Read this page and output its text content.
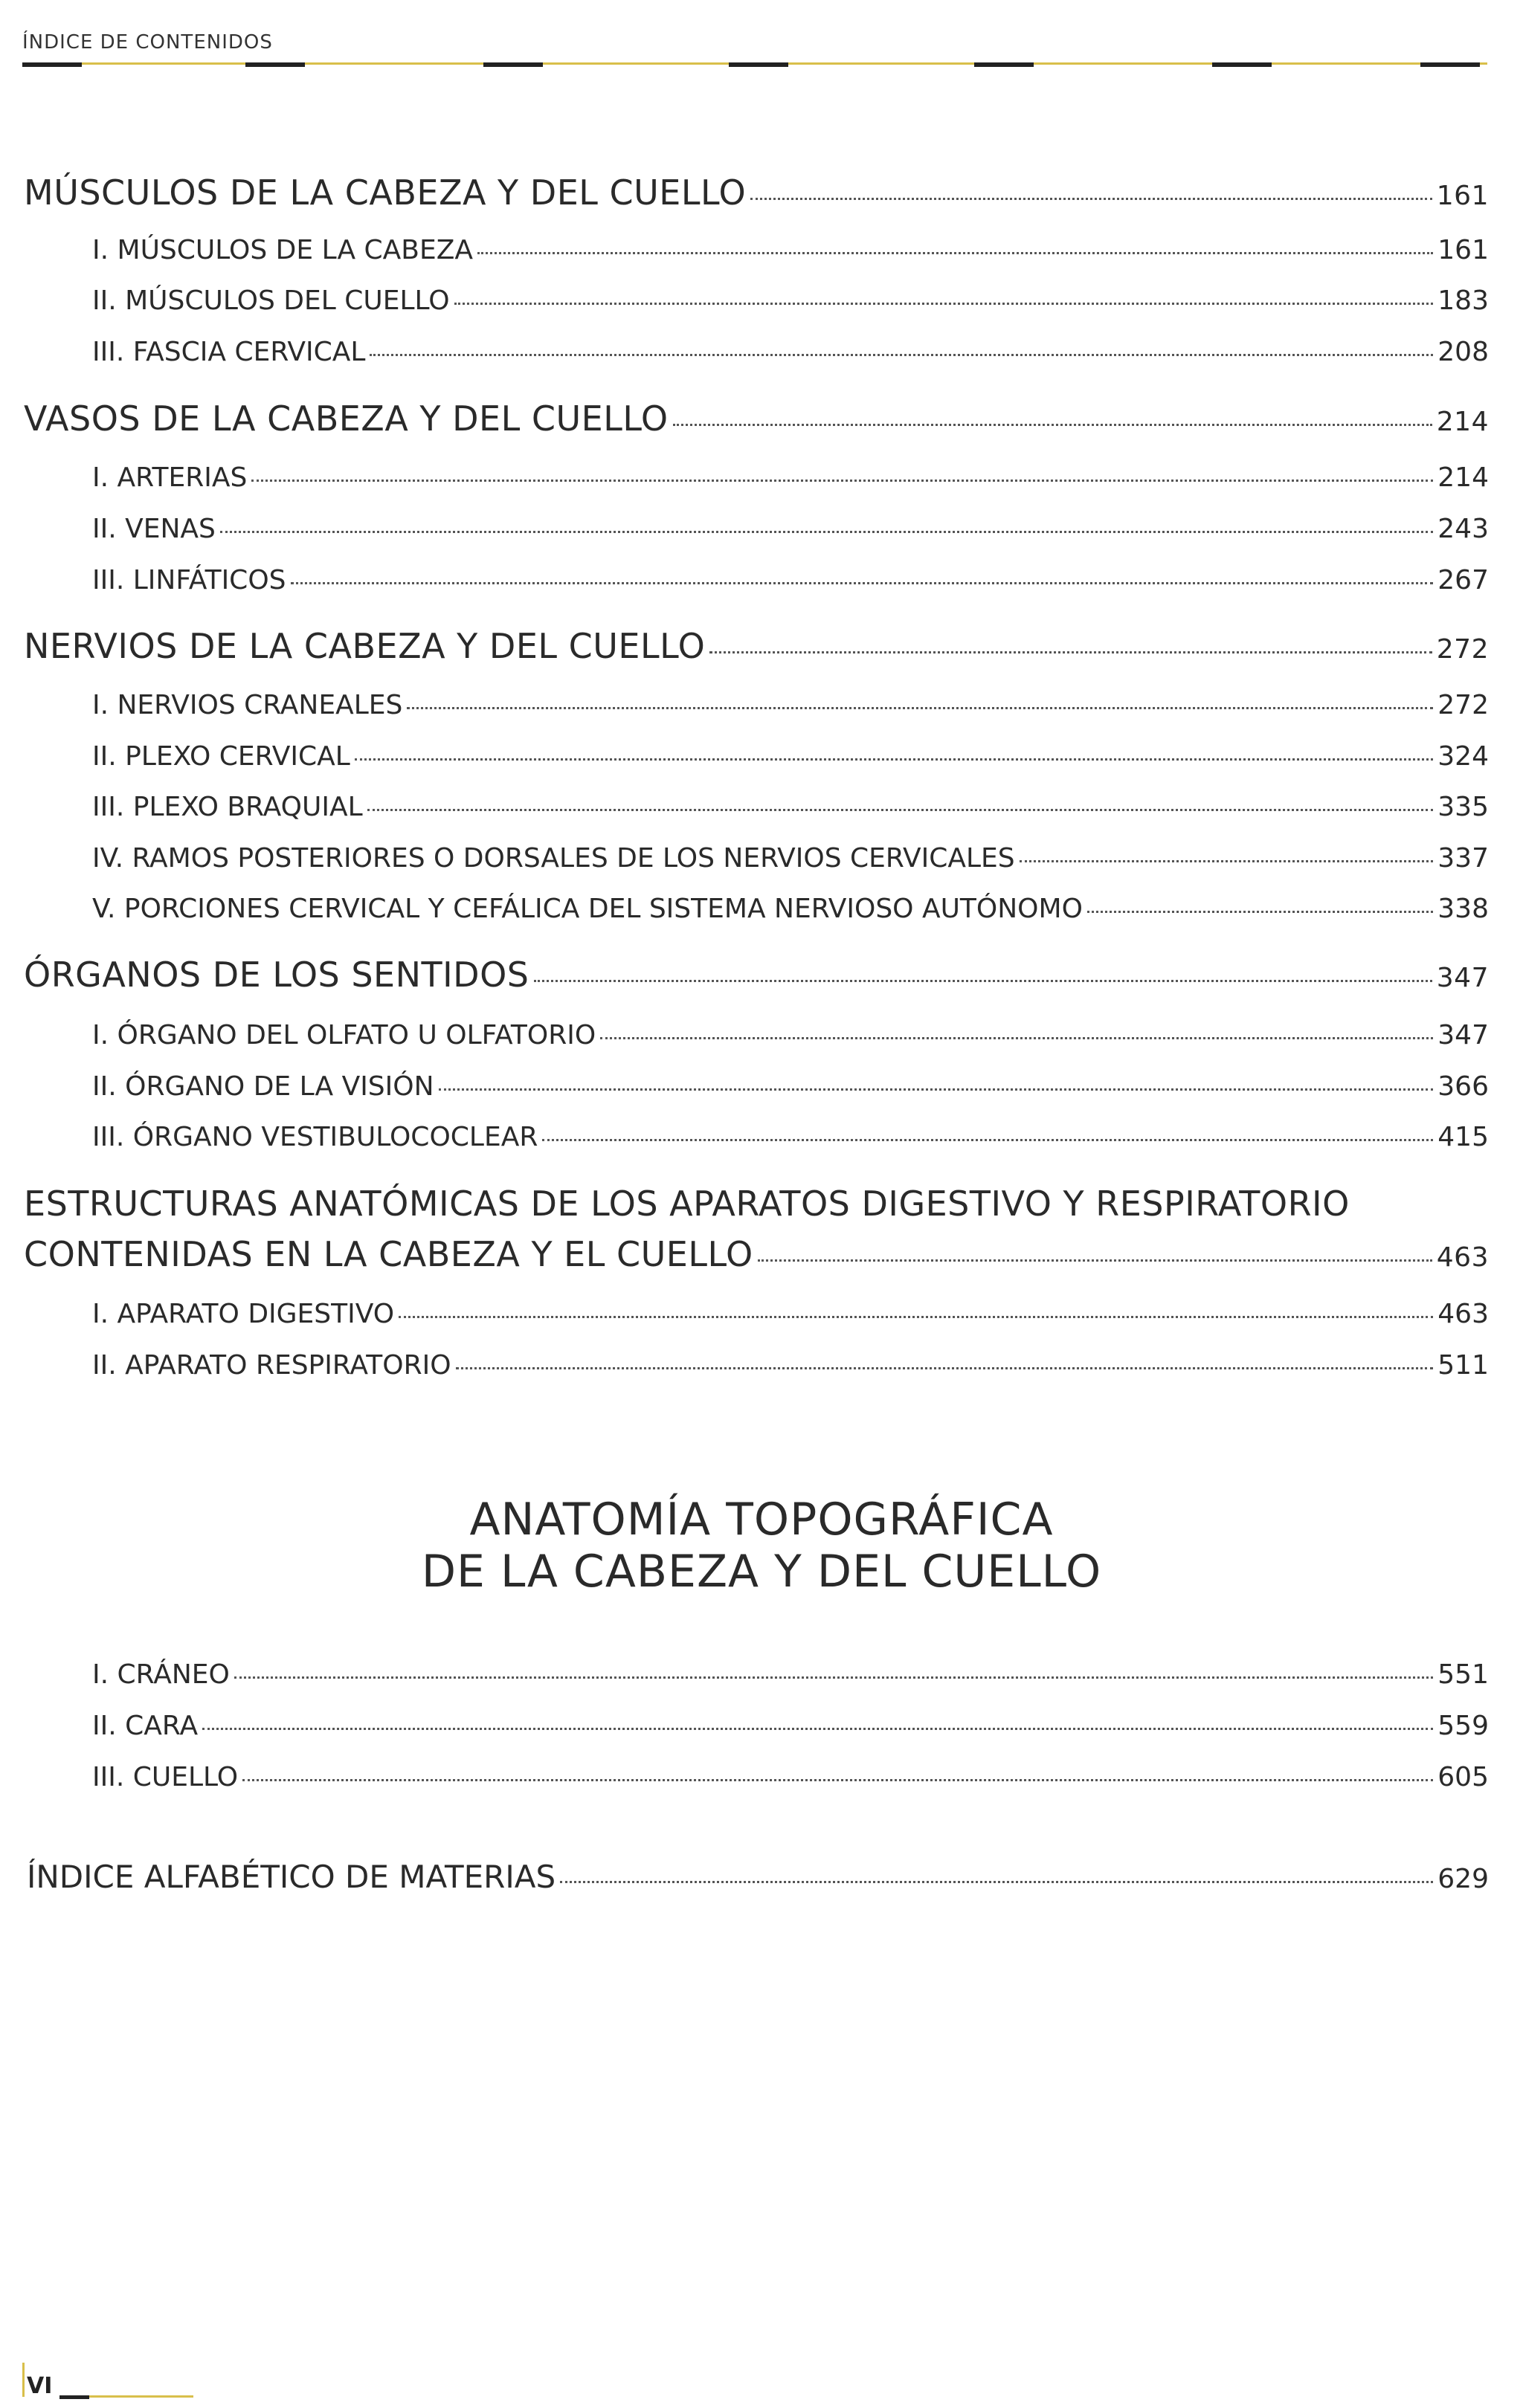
ÍNDICE DE CONTENIDOS
MÚSCULOS DE LA CABEZA Y DEL CUELLO	161
I. MÚSCULOS DE LA CABEZA	161
II. MÚSCULOS DEL CUELLO	183
III. FASCIA CERVICAL	208
VASOS DE LA CABEZA Y DEL CUELLO	214
I. ARTERIAS	214
II. VENAS	243
III. LINFÁTICOS	267
NERVIOS DE LA CABEZA Y DEL CUELLO	272
I. NERVIOS CRANEALES	272
II. PLEXO CERVICAL	324
III. PLEXO BRAQUIAL	335
IV. RAMOS POSTERIORES O DORSALES DE LOS NERVIOS CERVICALES	337
V. PORCIONES CERVICAL Y CEFÁLICA DEL SISTEMA NERVIOSO AUTÓNOMO	338
ÓRGANOS DE LOS SENTIDOS	347
I. ÓRGANO DEL OLFATO U OLFATORIO	347
II. ÓRGANO DE LA VISIÓN	366
III. ÓRGANO VESTIBULOCOCLEAR	415
ESTRUCTURAS ANATÓMICAS DE LOS APARATOS DIGESTIVO Y RESPIRATORIO
CONTENIDAS EN LA CABEZA Y EL CUELLO	463
I. APARATO DIGESTIVO	463
II. APARATO RESPIRATORIO	511
ANATOMÍA TOPOGRÁFICA
DE LA CABEZA Y DEL CUELLO
I. CRÁNEO	551
II. CARA	559
III. CUELLO	605
ÍNDICE ALFABÉTICO DE MATERIAS	629
VI
